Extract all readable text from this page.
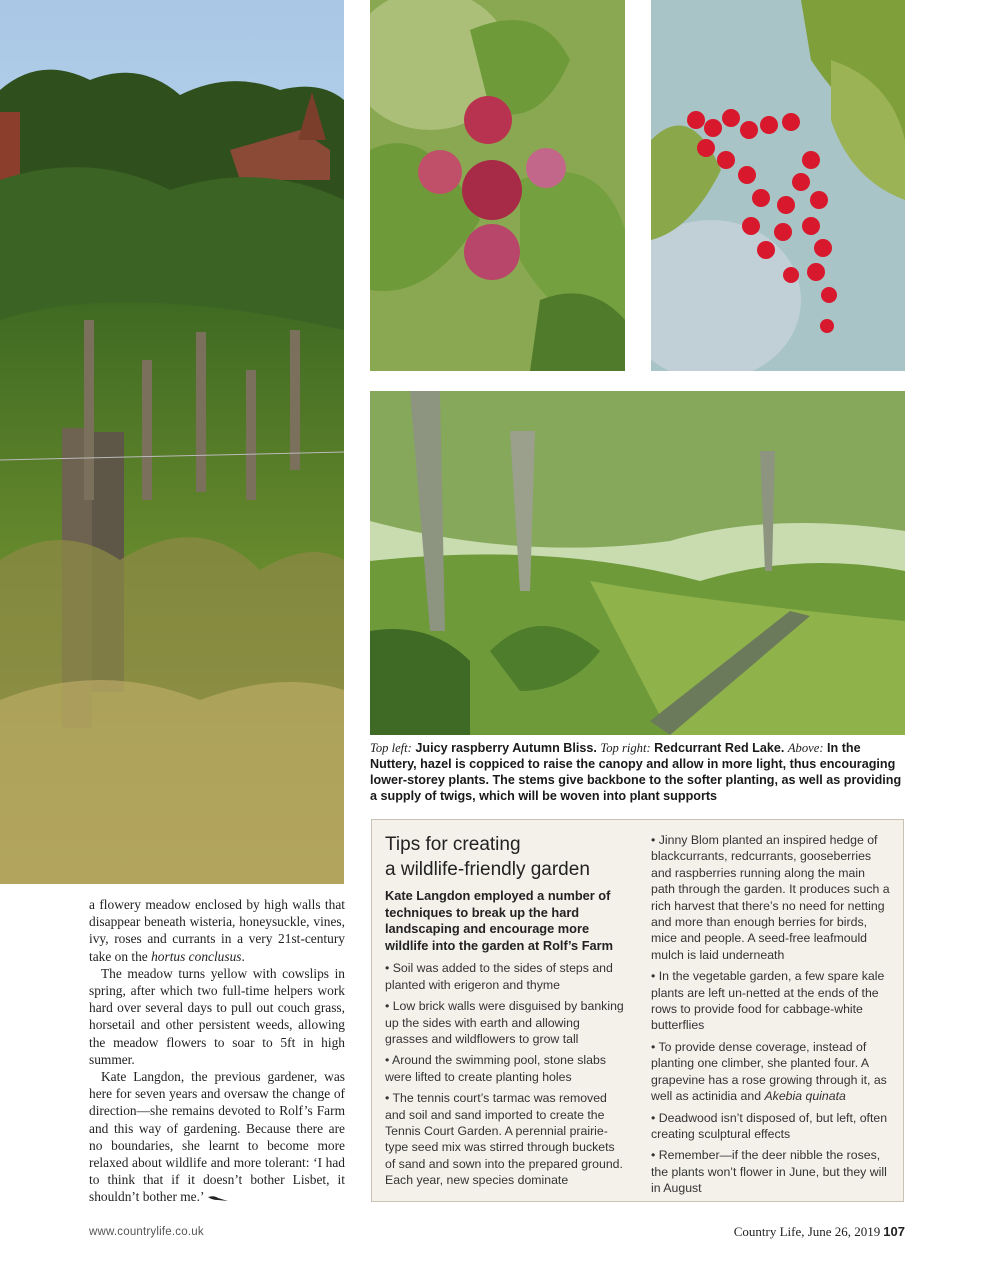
Top left: Juicy raspberry Autumn Bliss. Top right: Redcurrant Red Lake. Above: In the Nuttery, hazel is coppiced to raise the canopy and allow in more light, thus encouraging lower-storey plants. The stems give backbone to the softer planting, as well as providing a supply of twigs, which will be woven into plant supports

a flowery meadow enclosed by high walls that disappear beneath wisteria, honeysuckle, vines, ivy, roses and currants in a very 21st-century take on the hortus conclusus.

The meadow turns yellow with cowslips in spring, after which two full-time helpers work hard over several days to pull out couch grass, horsetail and other persistent weeds, allowing the meadow flowers to soar to 5ft in high summer.

Kate Langdon, the previous gardener, was here for seven years and oversaw the change of direction—she remains devoted to Rolf’s Farm and this way of gardening. Because there are no boundaries, she learnt to become more relaxed about wildlife and more tolerant: ‘I had to think that if it doesn’t bother Lisbet, it shouldn’t bother me.’

Tips for creating
a wildlife-friendly garden

Kate Langdon employed a number of techniques to break up the hard landscaping and encourage more wildlife into the garden at Rolf’s Farm

• Soil was added to the sides of steps and planted with erigeron and thyme

• Low brick walls were disguised by banking up the sides with earth and allowing grasses and wildflowers to grow tall

• Around the swimming pool, stone slabs were lifted to create planting holes

• The tennis court’s tarmac was removed and soil and sand imported to create the Tennis Court Garden. A perennial prairie-type seed mix was stirred through buckets of sand and sown into the prepared ground. Each year, new species dominate

• Jinny Blom planted an inspired hedge of blackcurrants, redcurrants, gooseberries and raspberries running along the main path through the garden. It produces such a rich harvest that there’s no need for netting and more than enough berries for birds, mice and people. A seed-free leafmould mulch is laid underneath

• In the vegetable garden, a few spare kale plants are left un-netted at the ends of the rows to provide food for cabbage-white butterflies

• To provide dense coverage, instead of planting one climber, she planted four. A grapevine has a rose growing through it, as well as actinidia and Akebia quinata

• Deadwood isn’t disposed of, but left, often creating sculptural effects

• Remember—if the deer nibble the roses, the plants won’t flower in June, but they will in August

www.countrylife.co.uk	Country Life, June 26, 2019 107
